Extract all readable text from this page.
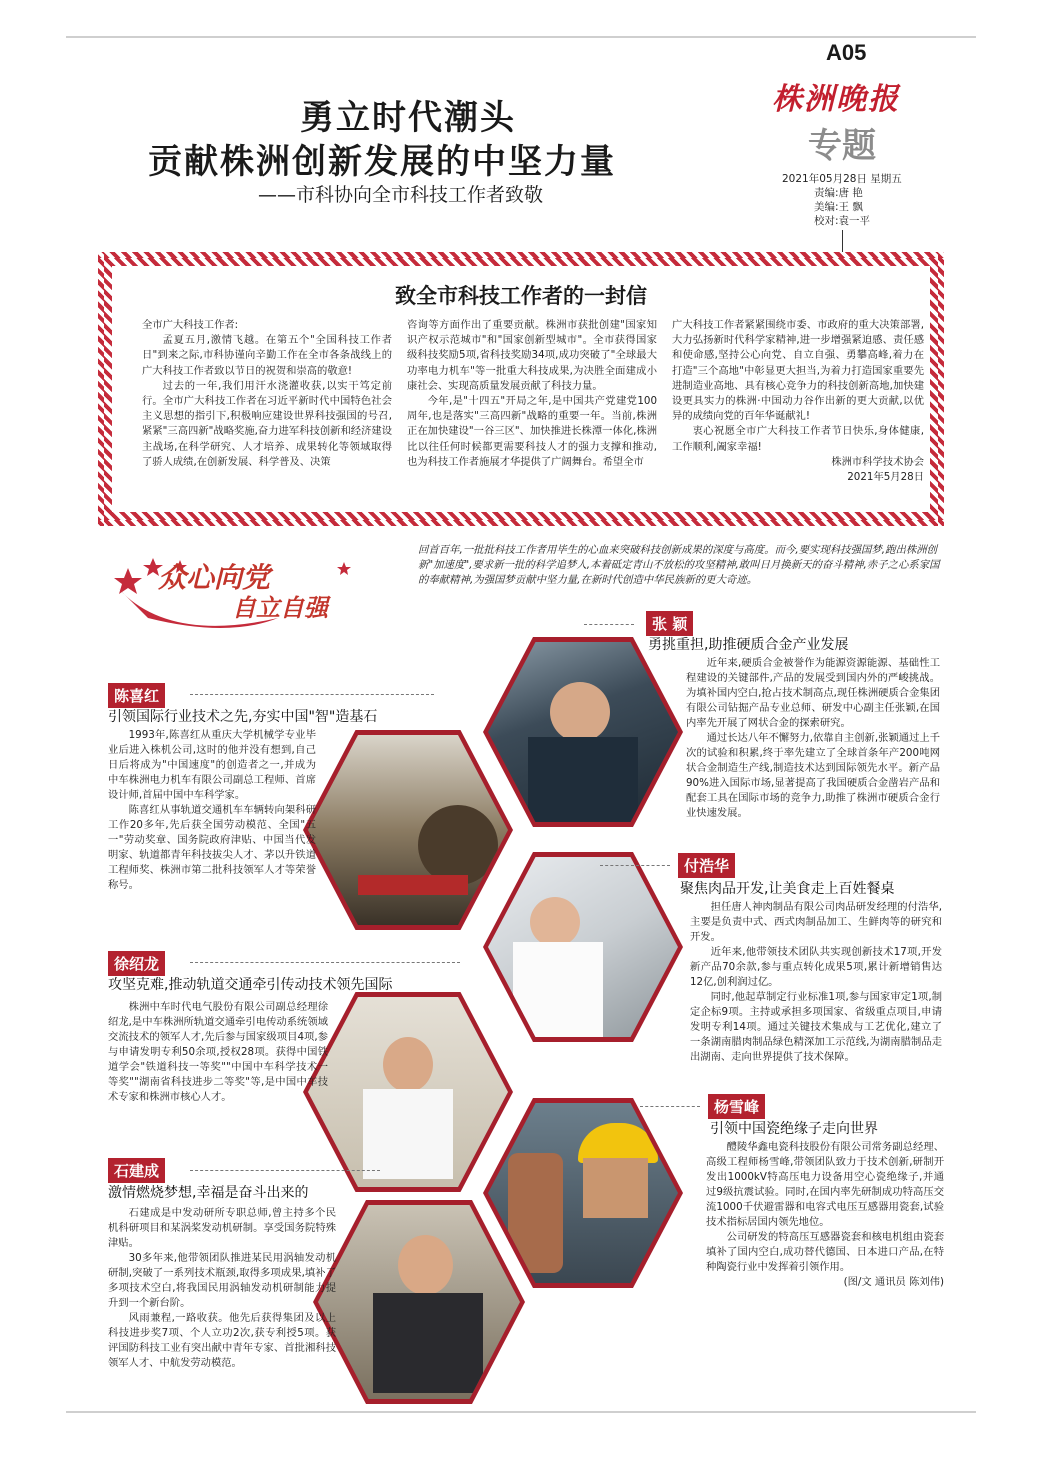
A05
株洲晚报
专题
2021年05月28日 星期五
责编:唐 艳
美编:王 飘
校对:袁一平
勇立时代潮头
贡献株洲创新发展的中坚力量
——市科协向全市科技工作者致敬
致全市科技工作者的一封信

全市广大科技工作者:

孟夏五月,激情飞越。在第五个"全国科技工作者日"到来之际,市科协谨向辛勤工作在全市各条战线上的广大科技工作者致以节日的祝贺和崇高的敬意!

过去的一年,我们用汗水浇灌收获,以实干笃定前行。全市广大科技工作者在习近平新时代中国特色社会主义思想的指引下,积极响应建设世界科技强国的号召,紧紧"三高四新"战略奖施,奋力进军科技创新和经济建设主战场,在科学研究、人才培养、成果转化等领域取得了骄人成绩,在创新发展、科学普及、决策

咨询等方面作出了重要贡献。株洲市获批创建"国家知识产权示范城市"和"国家创新型城市"。全市获得国家级科技奖励5项,省科技奖励34项,成功突破了"全球最大功率电力机车"等一批重大科技成果,为决胜全面建成小康社会、实现高质量发展贡献了科技力量。

今年,是"十四五"开局之年,是中国共产党建党100周年,也是落实"三高四新"战略的重要一年。当前,株洲正在加快建设"一谷三区"、加快推进长株潭一体化,株洲比以往任何时候都更需要科技人才的强力支撑和推动,也为科技工作者施展才华提供了广阔舞台。希望全市

广大科技工作者紧紧围绕市委、市政府的重大决策部署,大力弘扬新时代科学家精神,进一步增强紧迫感、责任感和使命感,坚持公心向党、自立自强、勇攀高峰,着力在打造"三个高地"中彰显更大担当,为着力打造国家重要先进制造业高地、具有核心竞争力的科技创新高地,加快建设更具实力的株洲·中国动力谷作出新的更大贡献,以优异的成绩向党的百年华诞献礼!

衷心祝愿全市广大科技工作者节日快乐,身体健康,工作顺利,阖家幸福!

株洲市科学技术协会

2021年5月28日

众心向党
自立自强
回首百年,一批批科技工作者用毕生的心血来突破科技创新成果的深度与高度。而今,要实现科技强国梦,跑出株洲创新"加速度",要求新一批的科学追梦人,本着砥定青山不放松的攻坚精神,敢叫日月换新天的奋斗精神,赤子之心系家国的奉献精神,为强国梦贡献中坚力量,在新时代创造中华民族新的更大奇迹。
张 颖
勇挑重担,助推硬质合金产业发展

近年来,硬质合金被誉作为能源资源能源、基础性工程建设的关键部件,产品的发展受到国内外的严峻挑战。为填补国内空白,抢占技术制高点,现任株洲硬质合金集团有限公司钻掘产品专业总师、研发中心副主任张颖,在国内率先开展了网状合金的探索研究。

通过长达八年不懈努力,依靠自主创新,张颖通过上千次的试验和积累,终于率先建立了全球首条年产200吨网状合金制造生产线,制造技术达到国际领先水平。新产品90%进入国际市场,显著提高了我国硬质合金凿岩产品和配套工具在国际市场的竞争力,助推了株洲市硬质合金行业快速发展。

陈喜红
引领国际行业技术之先,夯实中国"智"造基石

1993年,陈喜红从重庆大学机械学专业毕业后进入株机公司,这时的他并没有想到,自己日后将成为"中国速度"的创造者之一,并成为中车株洲电力机车有限公司副总工程师、首席设计师,首届中国中车科学家。

陈喜红从事轨道交通机车车辆转向架科研工作20多年,先后获全国劳动模范、全国"五一"劳动奖章、国务院政府津贴、中国当代发明家、轨道都青年科技拔尖人才、茅以升铁道工程师奖、株洲市第二批科技领军人才等荣誉称号。

付浩华
聚焦肉品开发,让美食走上百姓餐桌

担任唐人神肉制品有限公司肉品研发经理的付浩华,主要是负责中式、西式肉制品加工、生鲜肉等的研究和开发。

近年来,他带领技术团队共实现创新技术17项,开发新产品70余款,参与重点转化成果5项,累计新增销售达12亿,创利润过亿。

同时,他起草制定行业标准1项,参与国家审定1项,制定企标9项。主持或承担多项国家、省级重点项目,申请发明专利14项。通过关键技术集成与工艺优化,建立了一条湖南腊肉制品绿色精深加工示范线,为湖南腊制品走出湖南、走向世界提供了技术保障。

徐绍龙
攻坚克难,推动轨道交通牵引传动技术领先国际

株洲中车时代电气股份有限公司副总经理徐绍龙,是中车株洲所轨道交通牵引电传动系统领域交流技术的领军人才,先后参与国家级项目4项,参与申请发明专利50余项,授权28项。获得中国铁道学会"铁道科技一等奖""中国中车科学技术一等奖""湖南省科技进步二等奖"等,是中国中车技术专家和株洲市核心人才。

杨雪峰
引领中国瓷绝缘子走向世界

醴陵华鑫电瓷科技股份有限公司常务副总经理、高级工程师杨雪峰,带领团队致力于技术创新,研制开发出1000kV特高压电力设备用空心瓷绝缘子,并通过9级抗震试验。同时,在国内率先研制成功特高压交流1000千伏避雷器和电容式电压互感器用瓷套,试验技术指标居国内领先地位。

公司研发的特高压互感器瓷套和核电机组由瓷套填补了国内空白,成功替代德国、日本进口产品,在特种陶瓷行业中发挥着引领作用。

(图/文 通讯员 陈刘伟)

石建成
激情燃烧梦想,幸福是奋斗出来的

石建成是中发动研所专职总师,曾主持多个民机科研项目和某涡桨发动机研制。享受国务院特殊津贴。

30多年来,他带领团队推进某民用涡轴发动机研制,突破了一系列技术瓶颈,取得多项成果,填补了多项技术空白,将我国民用涡轴发动机研制能力提升到一个新台阶。

风雨兼程,一路收获。他先后获得集团及以上科技进步奖7项、个人立功2次,获专利授5项。获评国防科技工业有突出献中青年专家、首批湘科技领军人才、中航发劳动模范。
